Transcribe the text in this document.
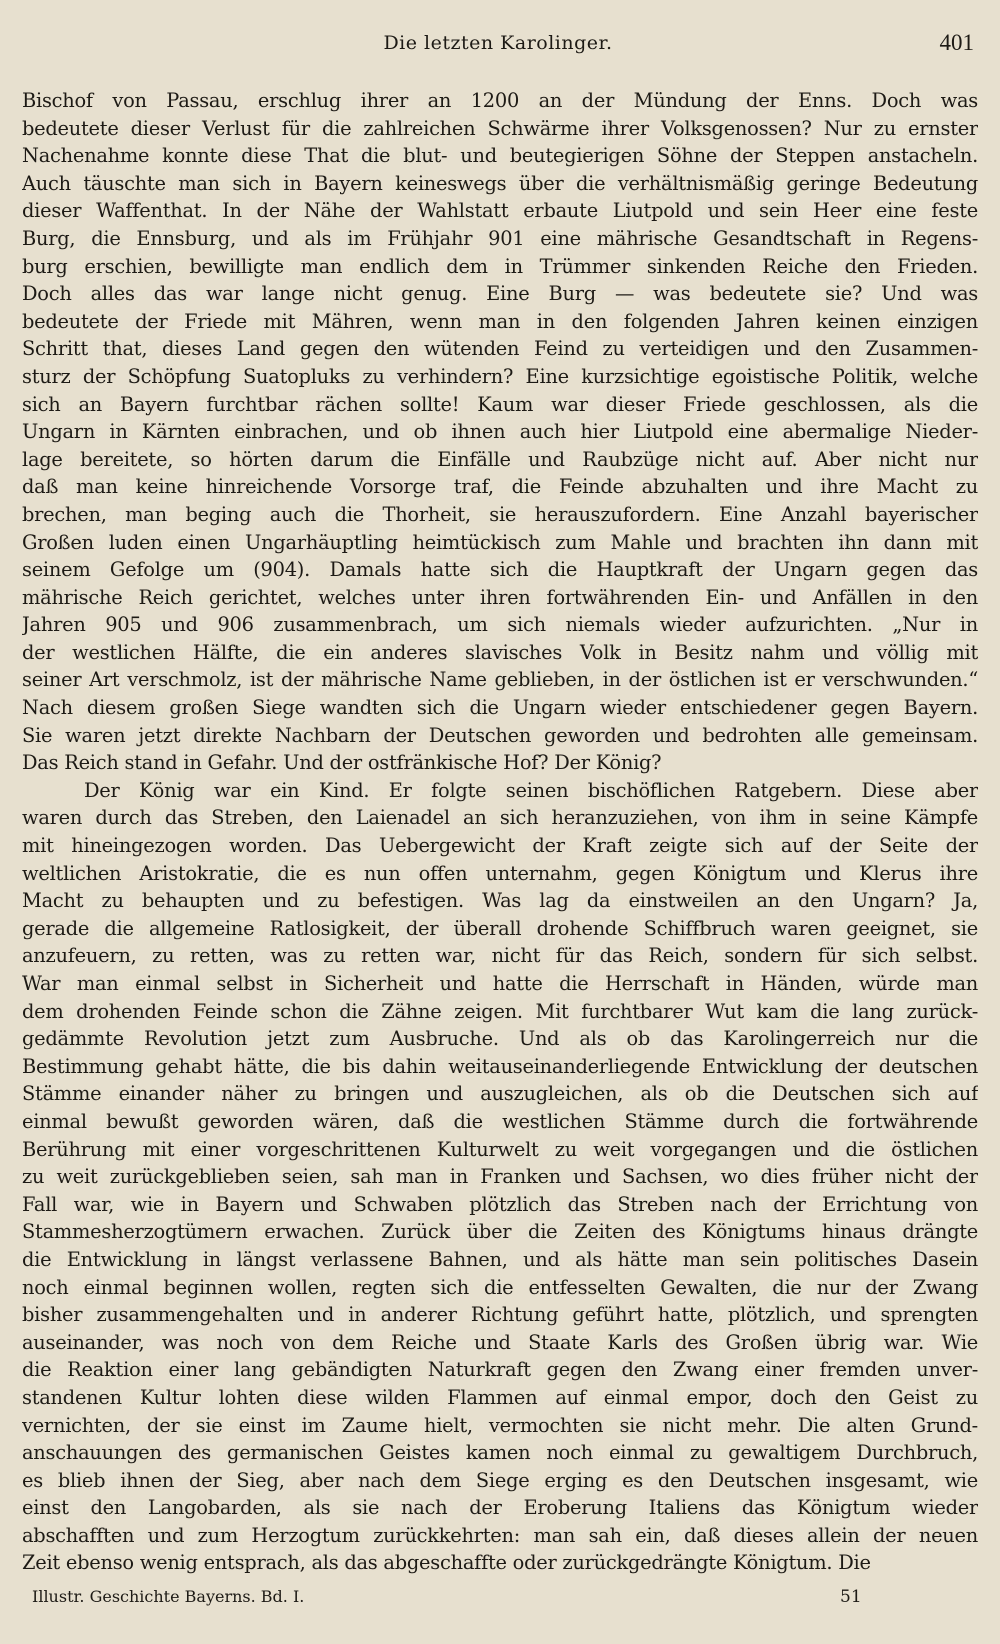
Die letzten Karolinger.	401
Bischof von Passau, erschlug ihrer an 1200 an der Mündung der Enns. Doch was
bedeutete dieser Verlust für die zahlreichen Schwärme ihrer Volksgenossen? Nur zu ernster
Nachenahme konnte diese That die blut- und beutegierigen Söhne der Steppen anstacheln.
Auch täuschte man sich in Bayern keineswegs über die verhältnismäßig geringe Bedeutung
dieser Waffenthat. In der Nähe der Wahlstatt erbaute Liutpold und sein Heer eine feste
Burg, die Ennsburg, und als im Frühjahr 901 eine mährische Gesandtschaft in Regens-
burg erschien, bewilligte man endlich dem in Trümmer sinkenden Reiche den Frieden.
Doch alles das war lange nicht genug. Eine Burg — was bedeutete sie? Und was
bedeutete der Friede mit Mähren, wenn man in den folgenden Jahren keinen einzigen
Schritt that, dieses Land gegen den wütenden Feind zu verteidigen und den Zusammen-
sturz der Schöpfung Suatopluks zu verhindern? Eine kurzsichtige egoistische Politik, welche
sich an Bayern furchtbar rächen sollte! Kaum war dieser Friede geschlossen, als die
Ungarn in Kärnten einbrachen, und ob ihnen auch hier Liutpold eine abermalige Nieder-
lage bereitete, so hörten darum die Einfälle und Raubzüge nicht auf. Aber nicht nur
daß man keine hinreichende Vorsorge traf, die Feinde abzuhalten und ihre Macht zu
brechen, man beging auch die Thorheit, sie herauszufordern. Eine Anzahl bayerischer
Großen luden einen Ungarhäuptling heimtückisch zum Mahle und brachten ihn dann mit
seinem Gefolge um (904). Damals hatte sich die Hauptkraft der Ungarn gegen das
mährische Reich gerichtet, welches unter ihren fortwährenden Ein- und Anfällen in den
Jahren 905 und 906 zusammenbrach, um sich niemals wieder aufzurichten. „Nur in
der westlichen Hälfte, die ein anderes slavisches Volk in Besitz nahm und völlig mit
seiner Art verschmolz, ist der mährische Name geblieben, in der östlichen ist er verschwunden.“
Nach diesem großen Siege wandten sich die Ungarn wieder entschiedener gegen Bayern.
Sie waren jetzt direkte Nachbarn der Deutschen geworden und bedrohten alle gemeinsam.
Das Reich stand in Gefahr. Und der ostfränkische Hof? Der König?
Der König war ein Kind. Er folgte seinen bischöflichen Ratgebern. Diese aber
waren durch das Streben, den Laienadel an sich heranzuziehen, von ihm in seine Kämpfe
mit hineingezogen worden. Das Uebergewicht der Kraft zeigte sich auf der Seite der
weltlichen Aristokratie, die es nun offen unternahm, gegen Königtum und Klerus ihre
Macht zu behaupten und zu befestigen. Was lag da einstweilen an den Ungarn? Ja,
gerade die allgemeine Ratlosigkeit, der überall drohende Schiffbruch waren geeignet, sie
anzufeuern, zu retten, was zu retten war, nicht für das Reich, sondern für sich selbst.
War man einmal selbst in Sicherheit und hatte die Herrschaft in Händen, würde man
dem drohenden Feinde schon die Zähne zeigen. Mit furchtbarer Wut kam die lang zurück-
gedämmte Revolution jetzt zum Ausbruche. Und als ob das Karolingerreich nur die
Bestimmung gehabt hätte, die bis dahin weitauseinanderliegende Entwicklung der deutschen
Stämme einander näher zu bringen und auszugleichen, als ob die Deutschen sich auf
einmal bewußt geworden wären, daß die westlichen Stämme durch die fortwährende
Berührung mit einer vorgeschrittenen Kulturwelt zu weit vorgegangen und die östlichen
zu weit zurückgeblieben seien, sah man in Franken und Sachsen, wo dies früher nicht der
Fall war, wie in Bayern und Schwaben plötzlich das Streben nach der Errichtung von
Stammesherzogtümern erwachen. Zurück über die Zeiten des Königtums hinaus drängte
die Entwicklung in längst verlassene Bahnen, und als hätte man sein politisches Dasein
noch einmal beginnen wollen, regten sich die entfesselten Gewalten, die nur der Zwang
bisher zusammengehalten und in anderer Richtung geführt hatte, plötzlich, und sprengten
auseinander, was noch von dem Reiche und Staate Karls des Großen übrig war. Wie
die Reaktion einer lang gebändigten Naturkraft gegen den Zwang einer fremden unver-
standenen Kultur lohten diese wilden Flammen auf einmal empor, doch den Geist zu
vernichten, der sie einst im Zaume hielt, vermochten sie nicht mehr. Die alten Grund-
anschauungen des germanischen Geistes kamen noch einmal zu gewaltigem Durchbruch,
es blieb ihnen der Sieg, aber nach dem Siege erging es den Deutschen insgesamt, wie
einst den Langobarden, als sie nach der Eroberung Italiens das Königtum wieder
abschafften und zum Herzogtum zurückkehrten: man sah ein, daß dieses allein der neuen
Zeit ebenso wenig entsprach, als das abgeschaffte oder zurückgedrängte Königtum. Die
Illustr. Geschichte Bayerns. Bd. I.	51
